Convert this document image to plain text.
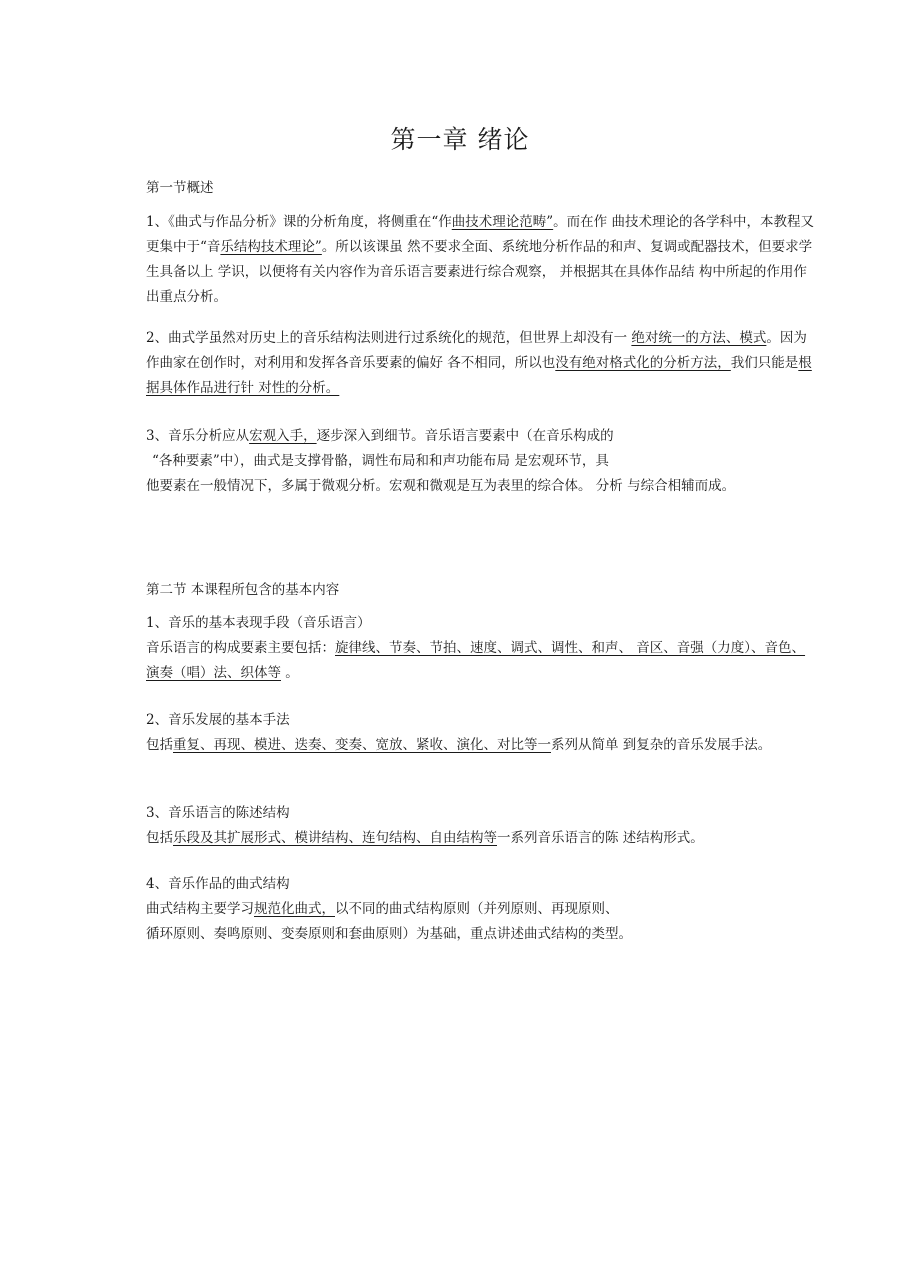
第一章 绪论
第一节概述

1、《曲式与作品分析》课的分析角度，将侧重在“作曲技术理论范畴”。而在作 曲技术理论的各学科中，本教程又更集中于“音乐结构技术理论”。所以该课虽 然不要求全面、系统地分析作品的和声、复调或配器技术，但要求学生具备以上 学识，以便将有关内容作为音乐语言要素进行综合观察， 并根据其在具体作品结 构中所起的作用作出重点分析。

2、曲式学虽然对历史上的音乐结构法则进行过系统化的规范，但世界上却没有一 绝对统一的方法、模式。因为作曲家在创作时，对利用和发挥各音乐要素的偏好 各不相同，所以也没有绝对格式化的分析方法，我们只能是根据具体作品进行针 对性的分析。

3、音乐分析应从宏观入手，逐步深入到细节。音乐语言要素中（在音乐构成的

“各种要素”中），曲式是支撑骨骼，调性布局和和声功能布局 是宏观环节，具

他要素在一般情况下，多属于微观分析。宏观和微观是互为表里的综合体。 分析 与综合相辅而成。

第二节 本课程所包含的基本内容

1、音乐的基本表现手段（音乐语言）

音乐语言的构成要素主要包括：旋律线、节奏、节拍、速度、调式、调性、和声、 音区、音强（力度）、音色、演奏（唱）法、织体等 。

2、音乐发展的基本手法

包括重复、再现、模进、迭奏、变奏、宽放、紧收、演化、对比等一系列从简单 到复杂的音乐发展手法。

3、音乐语言的陈述结构

包括乐段及其扩展形式、模讲结构、连句结构、自由结构等一系列音乐语言的陈 述结构形式。

4、音乐作品的曲式结构

曲式结构主要学习规范化曲式，以不同的曲式结构原则（并列原则、再现原则、

循环原则、奏鸣原则、变奏原则和套曲原则）为基础，重点讲述曲式结构的类型。
